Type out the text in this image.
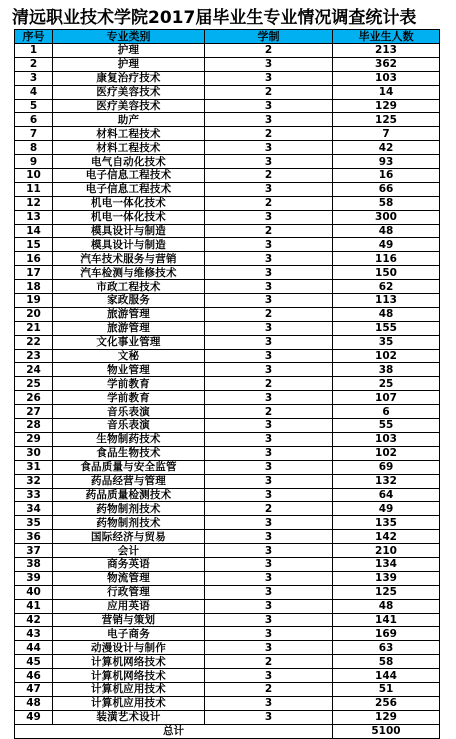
清远职业技术学院2017届毕业生专业情况调查统计表
序号	专业类别	学制	毕业生人数
1	护理	2	213
2	护理	3	362
3	康复治疗技术	3	103
4	医疗美容技术	2	14
5	医疗美容技术	3	129
6	助产	3	125
7	材料工程技术	2	7
8	材料工程技术	3	42
9	电气自动化技术	3	93
10	电子信息工程技术	2	16
11	电子信息工程技术	3	66
12	机电一体化技术	2	58
13	机电一体化技术	3	300
14	模具设计与制造	2	48
15	模具设计与制造	3	49
16	汽车技术服务与营销	3	116
17	汽车检测与维修技术	3	150
18	市政工程技术	3	62
19	家政服务	3	113
20	旅游管理	2	48
21	旅游管理	3	155
22	文化事业管理	3	35
23	文秘	3	102
24	物业管理	3	38
25	学前教育	2	25
26	学前教育	3	107
27	音乐表演	2	6
28	音乐表演	3	55
29	生物制药技术	3	103
30	食品生物技术	3	102
31	食品质量与安全监管	3	69
32	药品经营与管理	3	132
33	药品质量检测技术	3	64
34	药物制剂技术	2	49
35	药物制剂技术	3	135
36	国际经济与贸易	3	142
37	会计	3	210
38	商务英语	3	134
39	物流管理	3	139
40	行政管理	3	125
41	应用英语	3	48
42	营销与策划	3	141
43	电子商务	3	169
44	动漫设计与制作	3	63
45	计算机网络技术	2	58
46	计算机网络技术	3	144
47	计算机应用技术	2	51
48	计算机应用技术	3	256
49	装潢艺术设计	3	129
总计			5100
